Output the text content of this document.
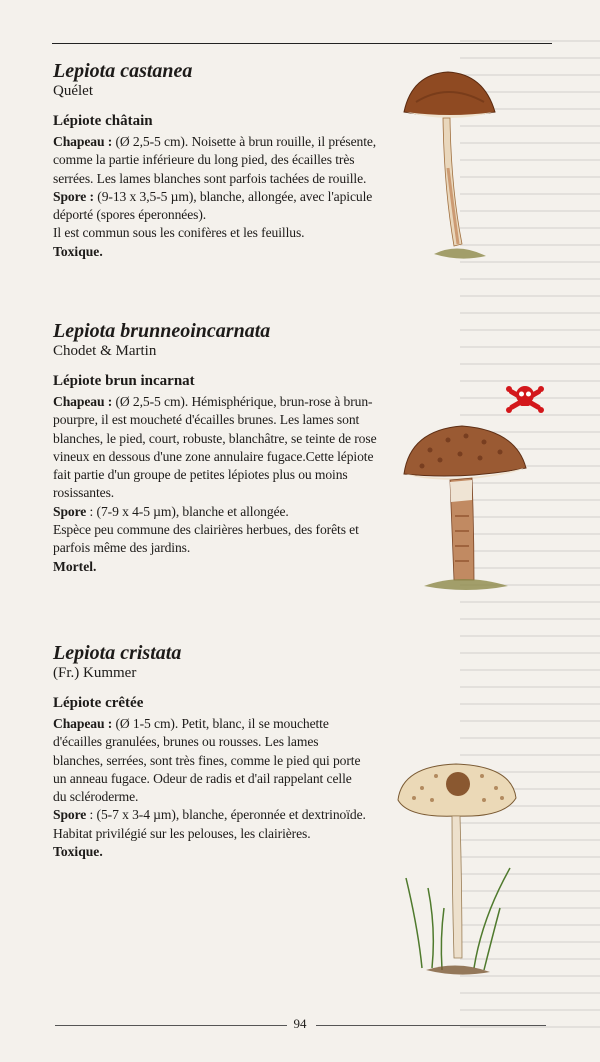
Lepiota castanea
Quélet
Lépiote châtain

Chapeau : (Ø 2,5-5 cm). Noisette à brun rouille, il présente, comme la partie inférieure du long pied, des écailles très serrées. Les lames blanches sont parfois tachées de rouille.

Spore : (9-13 x 3,5-5 µm), blanche, allongée, avec l'apicule déporté (spores éperonnées).

Il est commun sous les conifères et les feuillus.

Toxique.
Lepiota brunneoincarnata
Chodet & Martin
Lépiote brun incarnat

Chapeau : (Ø 2,5-5 cm). Hémisphérique, brun-rose à brun-pourpre, il est moucheté d'écailles brunes. Les lames sont blanches, le pied, court, robuste, blanchâtre, se teinte de rose vineux en dessous d'une zone annulaire fugace.Cette lépiote fait partie d'un groupe de petites lépiotes plus ou moins rosissantes.

Spore : (7-9 x 4-5 µm), blanche et allongée.

Espèce peu commune des clairières herbues, des forêts et parfois même des jardins.

Mortel.
Lepiota cristata
(Fr.) Kummer
Lépiote crêtée

Chapeau : (Ø 1-5 cm). Petit, blanc, il se mouchette d'écailles granulées, brunes ou rousses. Les lames blanches, serrées, sont très fines, comme le pied qui porte un anneau fugace. Odeur de radis et d'ail rappelant celle du scléroderme.

Spore : (5-7 x 3-4 µm), blanche, éperonnée et dextrinoïde.

Habitat privilégié sur les pelouses, les clairières.

Toxique.
94
